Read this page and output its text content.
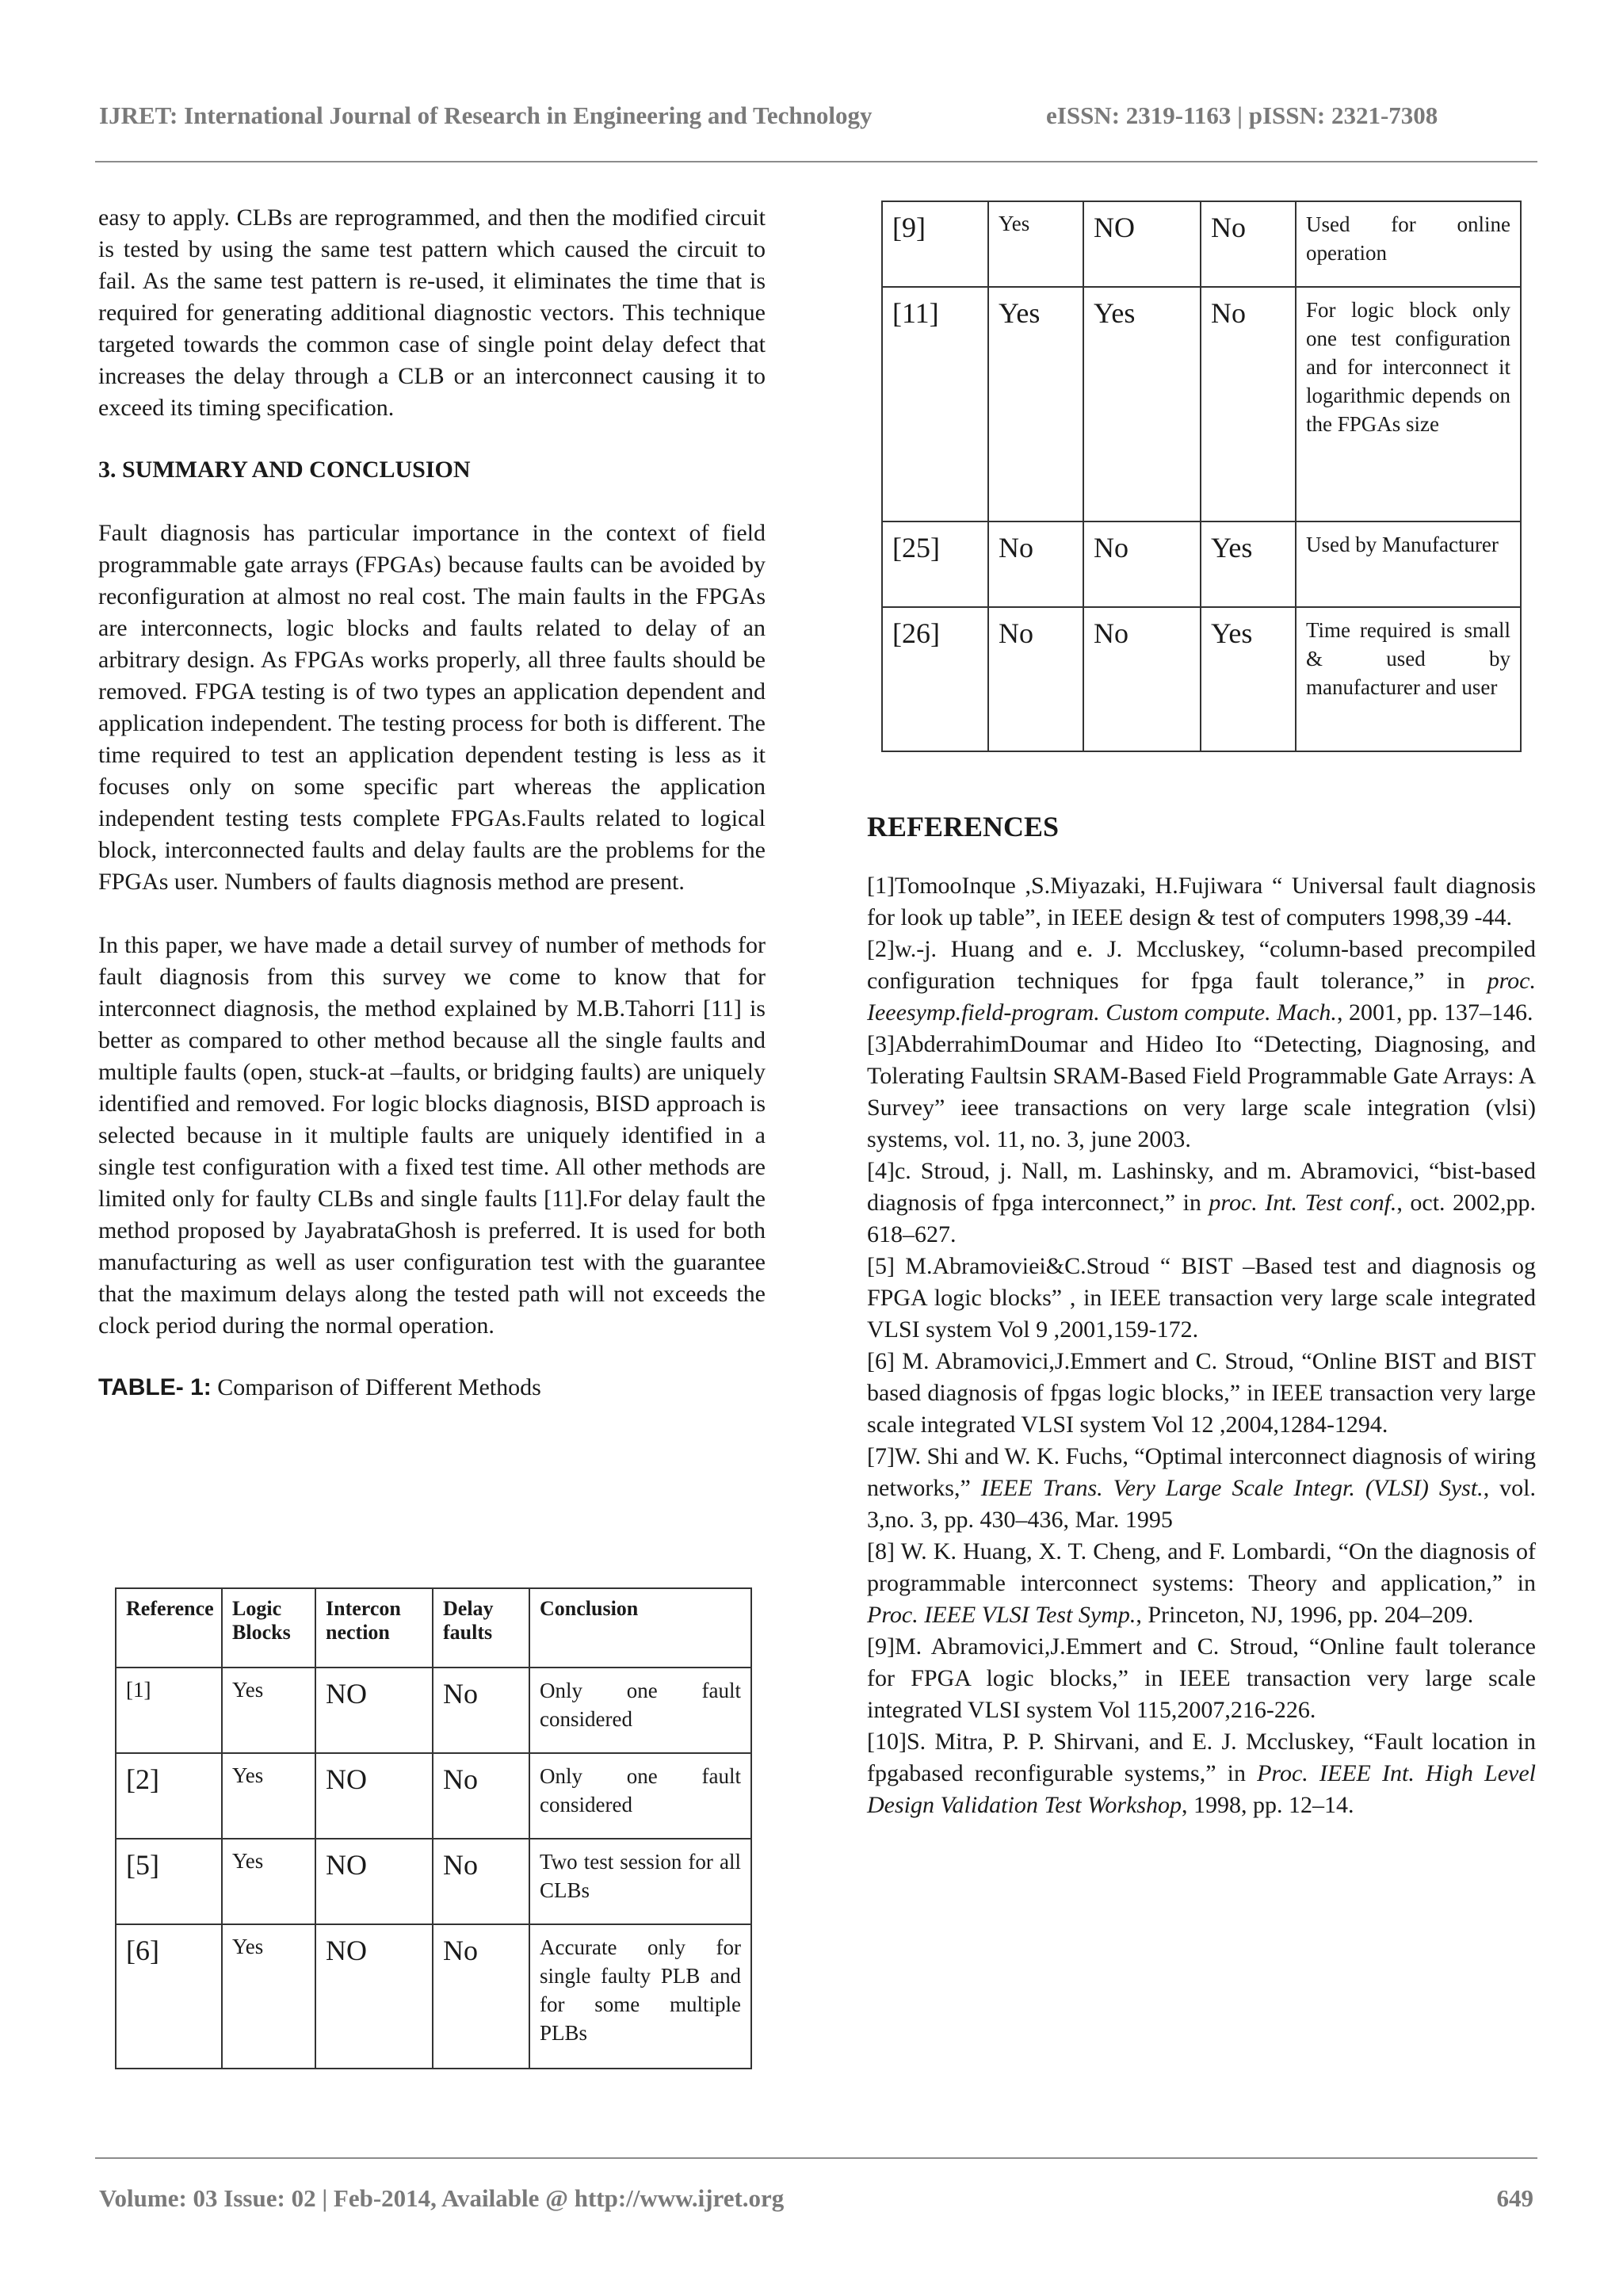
IJRET: International Journal of Research in Engineering and Technology	eISSN: 2319-1163 | pISSN: 2321-7308

easy to apply. CLBs are reprogrammed, and then the modified circuit is tested by using the same test pattern which caused the circuit to fail. As the same test pattern is re-used, it eliminates the time that is required for generating additional diagnostic vectors. This technique targeted towards the common case of single point delay defect that increases the delay through a CLB or an interconnect causing it to exceed its timing specification.

3. SUMMARY AND CONCLUSION

Fault diagnosis has particular importance in the context of field programmable gate arrays (FPGAs) because faults can be avoided by reconfiguration at almost no real cost. The main faults in the FPGAs are interconnects, logic blocks and faults related to delay of an arbitrary design. As FPGAs works properly, all three faults should be removed. FPGA testing is of two types an application dependent and application independent. The testing process for both is different. The time required to test an application dependent testing is less as it focuses only on some specific part whereas the application independent testing tests complete FPGAs.Faults related to logical block, interconnected faults and delay faults are the problems for the FPGAs user. Numbers of faults diagnosis method are present.

In this paper, we have made a detail survey of number of methods for fault diagnosis from this survey we come to know that for interconnect diagnosis, the method explained by M.B.Tahorri [11] is better as compared to other method because all the single faults and multiple faults (open, stuck-at –faults, or bridging faults) are uniquely identified and removed. For logic blocks diagnosis, BISD approach is selected because in it multiple faults are uniquely identified in a single test configuration with a fixed test time. All other methods are limited only for faulty CLBs and single faults [11].For delay fault the method proposed by JayabrataGhosh is preferred. It is used for both manufacturing as well as user configuration test with the guarantee that the maximum delays along the tested path will not exceeds the clock period during the normal operation.

TABLE- 1: Comparison of Different Methods
Reference	Logic Blocks	Intercon nection	Delay faults	Conclusion
[1]	Yes	NO	No	Only one fault considered
[2]	Yes	NO	No	Only one fault considered
[5]	Yes	NO	No	Two test session for all CLBs
[6]	Yes	NO	No	Accurate only for single faulty PLB and for some multiple PLBs
[9]	Yes	NO	No	Used for online operation
[11]	Yes	Yes	No	For logic block only one test configuration and for interconnect it logarithmic depends on the FPGAs size
[25]	No	No	Yes	Used by Manufacturer
[26]	No	No	Yes	Time required is small & used by manufacturer and user
REFERENCES

[1]TomooInque ,S.Miyazaki, H.Fujiwara “ Universal fault diagnosis for look up table”, in IEEE design & test of computers 1998,39 -44.

[2]w.-j. Huang and e. J. Mccluskey, “column-based precompiled configuration techniques for fpga fault tolerance,” in proc. Ieeesymp.field-program. Custom compute. Mach., 2001, pp. 137–146.

[3]AbderrahimDoumar and Hideo Ito “Detecting, Diagnosing, and Tolerating Faultsin SRAM-Based Field Programmable Gate Arrays: A Survey” ieee transactions on very large scale integration (vlsi) systems, vol. 11, no. 3, june 2003.

[4]c. Stroud, j. Nall, m. Lashinsky, and m. Abramovici, “bist-based diagnosis of fpga interconnect,” in proc. Int. Test conf., oct. 2002,pp. 618–627.

[5] M.Abramoviei&C.Stroud “ BIST –Based test and diagnosis og FPGA logic blocks” , in IEEE transaction very large scale integrated VLSI system Vol 9 ,2001,159-172.

[6] M. Abramovici,J.Emmert and C. Stroud, “Online BIST and BIST based diagnosis of fpgas logic blocks,” in IEEE transaction very large scale integrated VLSI system Vol 12 ,2004,1284-1294.

[7]W. Shi and W. K. Fuchs, “Optimal interconnect diagnosis of wiring networks,” IEEE Trans. Very Large Scale Integr. (VLSI) Syst., vol. 3,no. 3, pp. 430–436, Mar. 1995

[8] W. K. Huang, X. T. Cheng, and F. Lombardi, “On the diagnosis of programmable interconnect systems: Theory and application,” in Proc. IEEE VLSI Test Symp., Princeton, NJ, 1996, pp. 204–209.

[9]M. Abramovici,J.Emmert and C. Stroud, “Online fault tolerance for FPGA logic blocks,” in IEEE transaction very large scale integrated VLSI system Vol 115,2007,216-226.

[10]S. Mitra, P. P. Shirvani, and E. J. Mccluskey, “Fault location in fpgabased reconfigurable systems,” in Proc. IEEE Int. High Level Design Validation Test Workshop, 1998, pp. 12–14.

Volume: 03 Issue: 02 | Feb-2014, Available @ http://www.ijret.org	649
